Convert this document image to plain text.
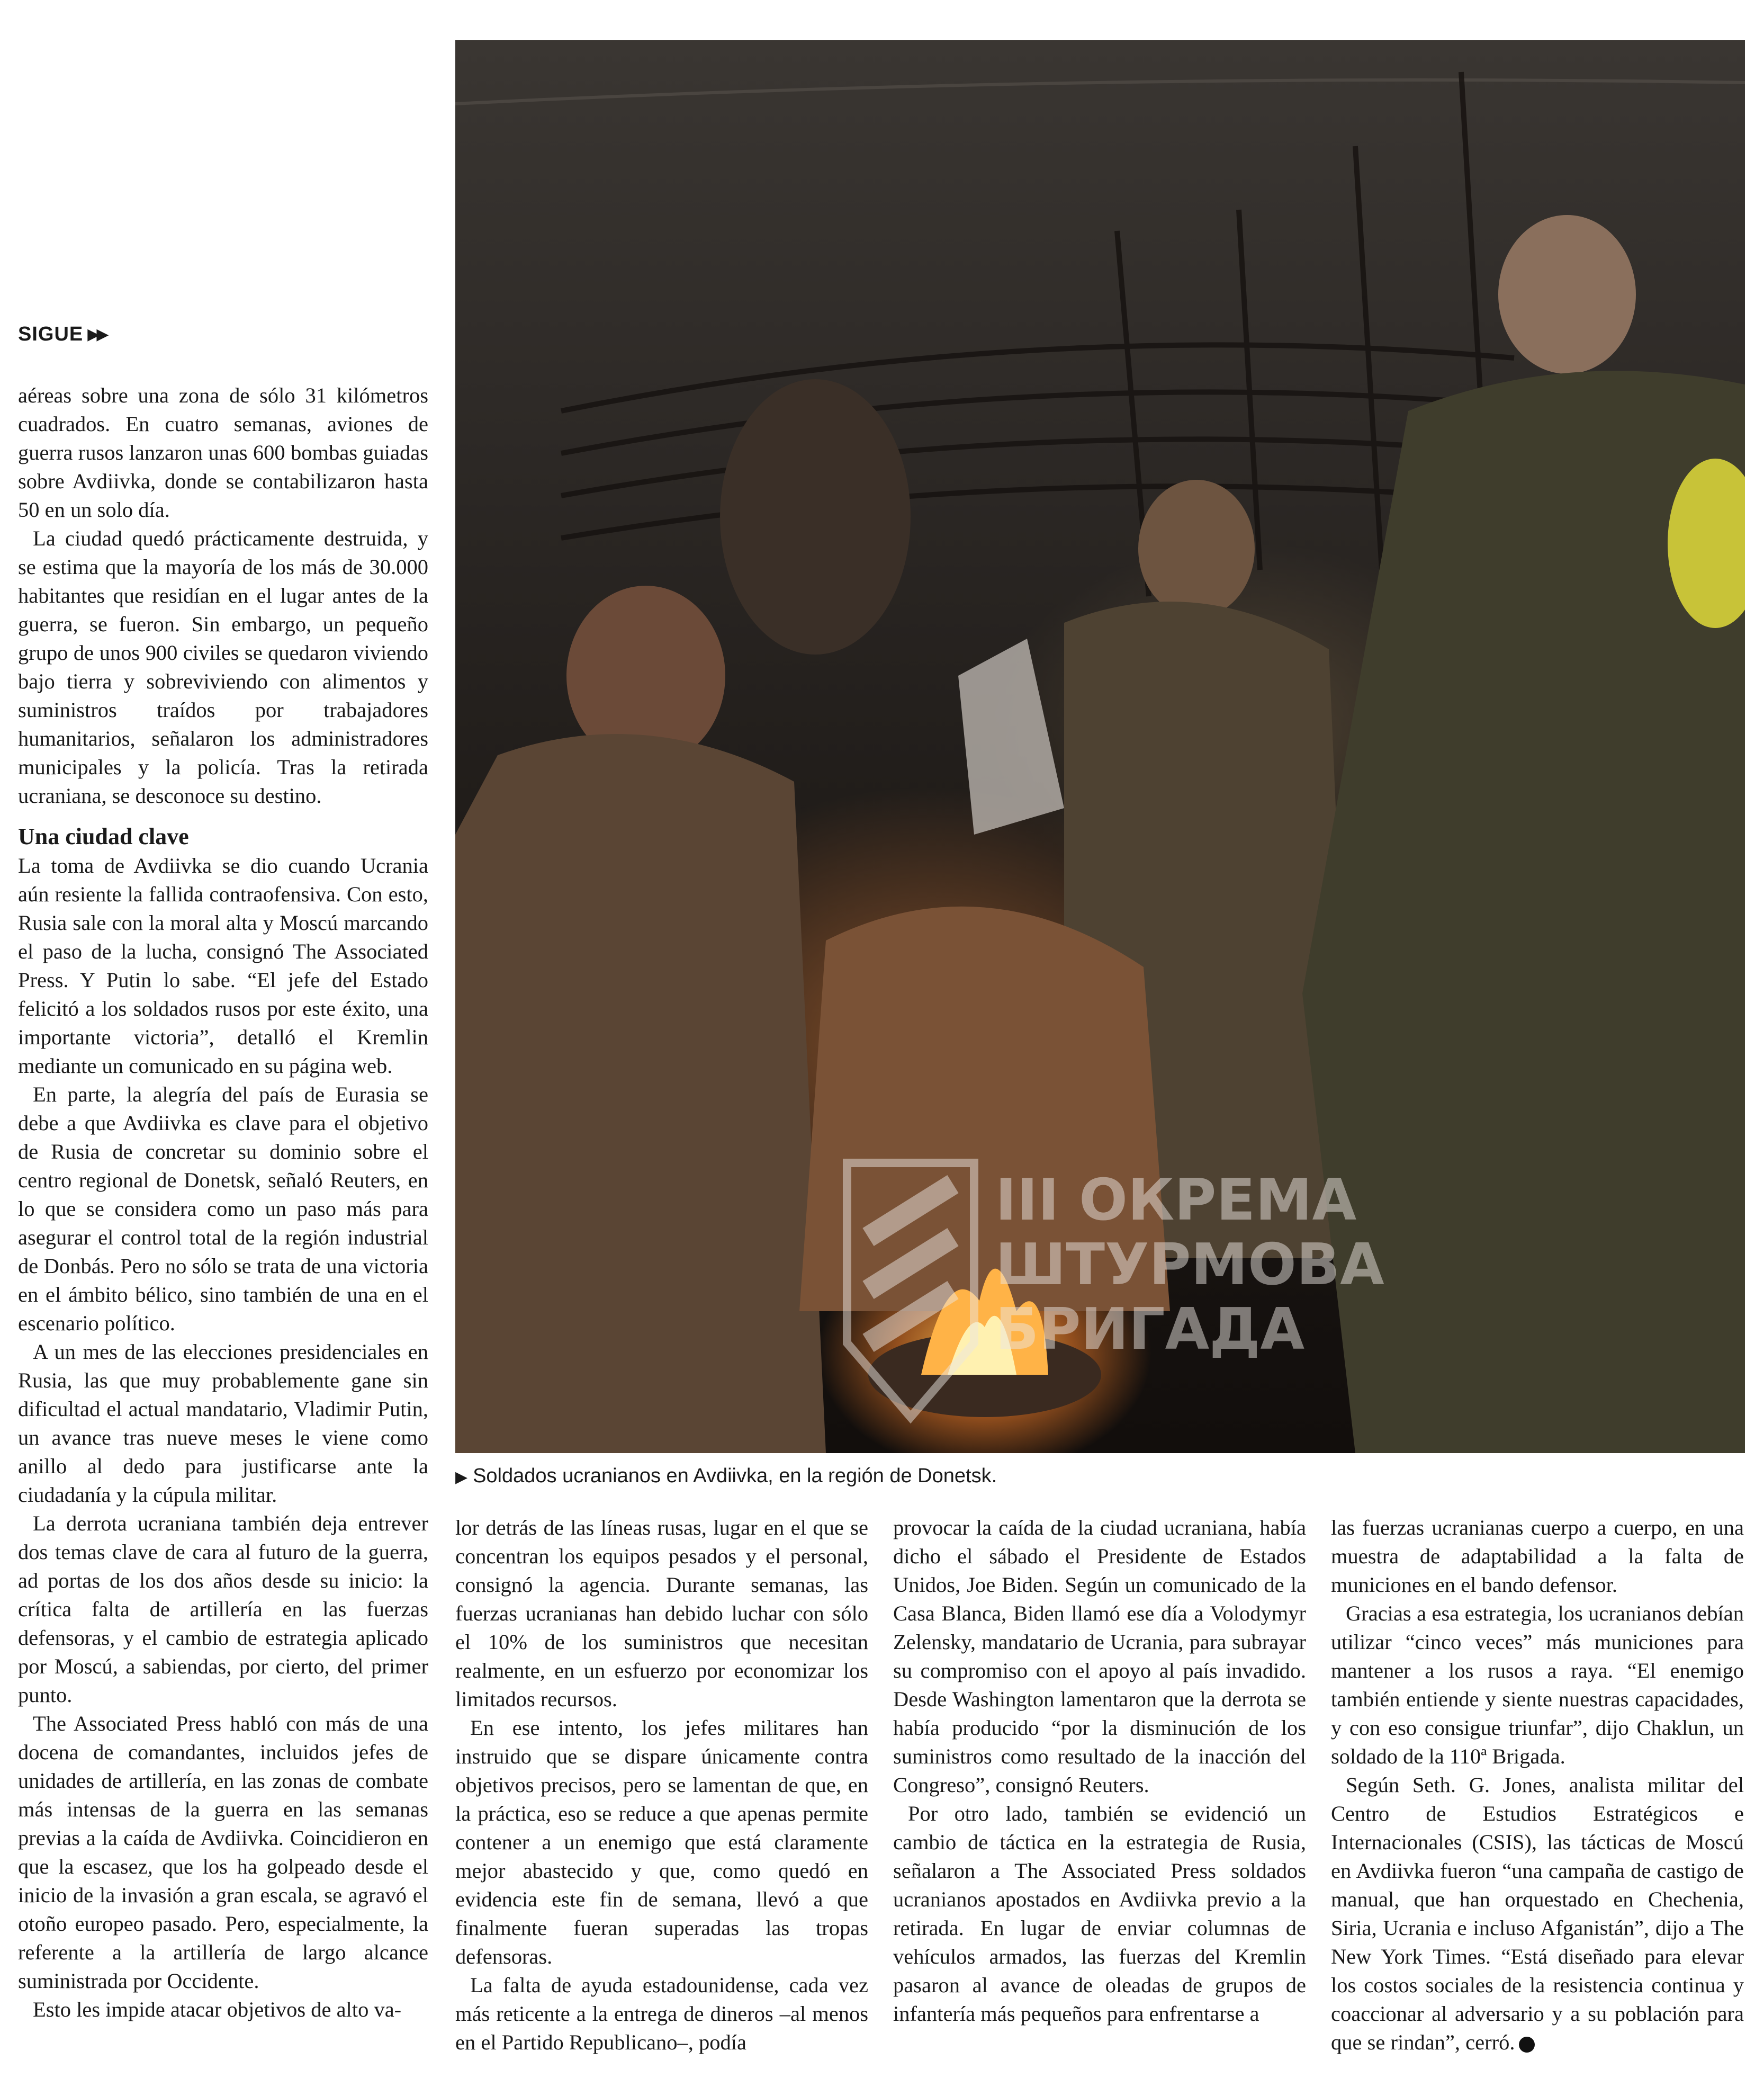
SIGUE ▶▶
III ОКРЕМА
ШТУРМОВА
БРИГАДА
▶ Soldados ucranianos en Avdiivka, en la región de Donetsk.

aéreas sobre una zona de sólo 31 kilómetros cuadrados. En cuatro semanas, aviones de guerra rusos lanzaron unas 600 bombas guiadas sobre Avdiivka, donde se contabilizaron hasta 50 en un solo día.

La ciudad quedó prácticamente destruida, y se estima que la mayoría de los más de 30.000 habitantes que residían en el lugar antes de la guerra, se fueron. Sin embargo, un pequeño grupo de unos 900 civiles se quedaron viviendo bajo tierra y sobreviviendo con alimentos y suministros traídos por trabajadores humanitarios, señalaron los administradores municipales y la policía. Tras la retirada ucraniana, se desconoce su destino.

Una ciudad clave

La toma de Avdiivka se dio cuando Ucrania aún resiente la fallida contraofensiva. Con esto, Rusia sale con la moral alta y Moscú marcando el paso de la lucha, consignó The Associated Press. Y Putin lo sabe. “El jefe del Estado felicitó a los soldados rusos por este éxito, una importante victoria”, detalló el Kremlin mediante un comunicado en su página web.

En parte, la alegría del país de Eurasia se debe a que Avdiivka es clave para el objetivo de Rusia de concretar su dominio sobre el centro regional de Donetsk, señaló Reuters, en lo que se considera como un paso más para asegurar el control total de la región industrial de Donbás. Pero no sólo se trata de una victoria en el ámbito bélico, sino también de una en el escenario político.

A un mes de las elecciones presidenciales en Rusia, las que muy probablemente gane sin dificultad el actual mandatario, Vladimir Putin, un avance tras nueve meses le viene como anillo al dedo para justificarse ante la ciudadanía y la cúpula militar.

La derrota ucraniana también deja entrever dos temas clave de cara al futuro de la guerra, ad portas de los dos años desde su inicio: la crítica falta de artillería en las fuerzas defensoras, y el cambio de estrategia aplicado por Moscú, a sabiendas, por cierto, del primer punto.

The Associated Press habló con más de una docena de comandantes, incluidos jefes de unidades de artillería, en las zonas de combate más intensas de la guerra en las semanas previas a la caída de Avdiivka. Coincidieron en que la escasez, que los ha golpeado desde el inicio de la invasión a gran escala, se agravó el otoño europeo pasado. Pero, especialmente, la referente a la artillería de largo alcance suministrada por Occidente.

Esto les impide atacar objetivos de alto va-

lor detrás de las líneas rusas, lugar en el que se concentran los equipos pesados y el personal, consignó la agencia. Durante semanas, las fuerzas ucranianas han debido luchar con sólo el 10% de los suministros que necesitan realmente, en un esfuerzo por economizar los limitados recursos.

En ese intento, los jefes militares han instruido que se dispare únicamente contra objetivos precisos, pero se lamentan de que, en la práctica, eso se reduce a que apenas permite contener a un enemigo que está claramente mejor abastecido y que, como quedó en evidencia este fin de semana, llevó a que finalmente fueran superadas las tropas defensoras.

La falta de ayuda estadounidense, cada vez más reticente a la entrega de dineros –al menos en el Partido Republicano–, podía

provocar la caída de la ciudad ucraniana, había dicho el sábado el Presidente de Estados Unidos, Joe Biden. Según un comunicado de la Casa Blanca, Biden llamó ese día a Volodymyr Zelensky, mandatario de Ucrania, para subrayar su compromiso con el apoyo al país invadido. Desde Washington lamentaron que la derrota se había producido “por la disminución de los suministros como resultado de la inacción del Congreso”, consignó Reuters.

Por otro lado, también se evidenció un cambio de táctica en la estrategia de Rusia, señalaron a The Associated Press soldados ucranianos apostados en Avdiivka previo a la retirada. En lugar de enviar columnas de vehículos armados, las fuerzas del Kremlin pasaron al avance de oleadas de grupos de infantería más pequeños para enfrentarse a

las fuerzas ucranianas cuerpo a cuerpo, en una muestra de adaptabilidad a la falta de municiones en el bando defensor.

Gracias a esa estrategia, los ucranianos debían utilizar “cinco veces” más municiones para mantener a los rusos a raya. “El enemigo también entiende y siente nuestras capacidades, y con eso consigue triunfar”, dijo Chaklun, un soldado de la 110ª Brigada.

Según Seth. G. Jones, analista militar del Centro de Estudios Estratégicos e Internacionales (CSIS), las tácticas de Moscú en Avdiivka fueron “una campaña de castigo de manual, que han orquestado en Chechenia, Siria, Ucrania e incluso Afganistán”, dijo a The New York Times. “Está diseñado para elevar los costos sociales de la resistencia continua y coaccionar al adversario y a su población para que se rindan”, cerró.
